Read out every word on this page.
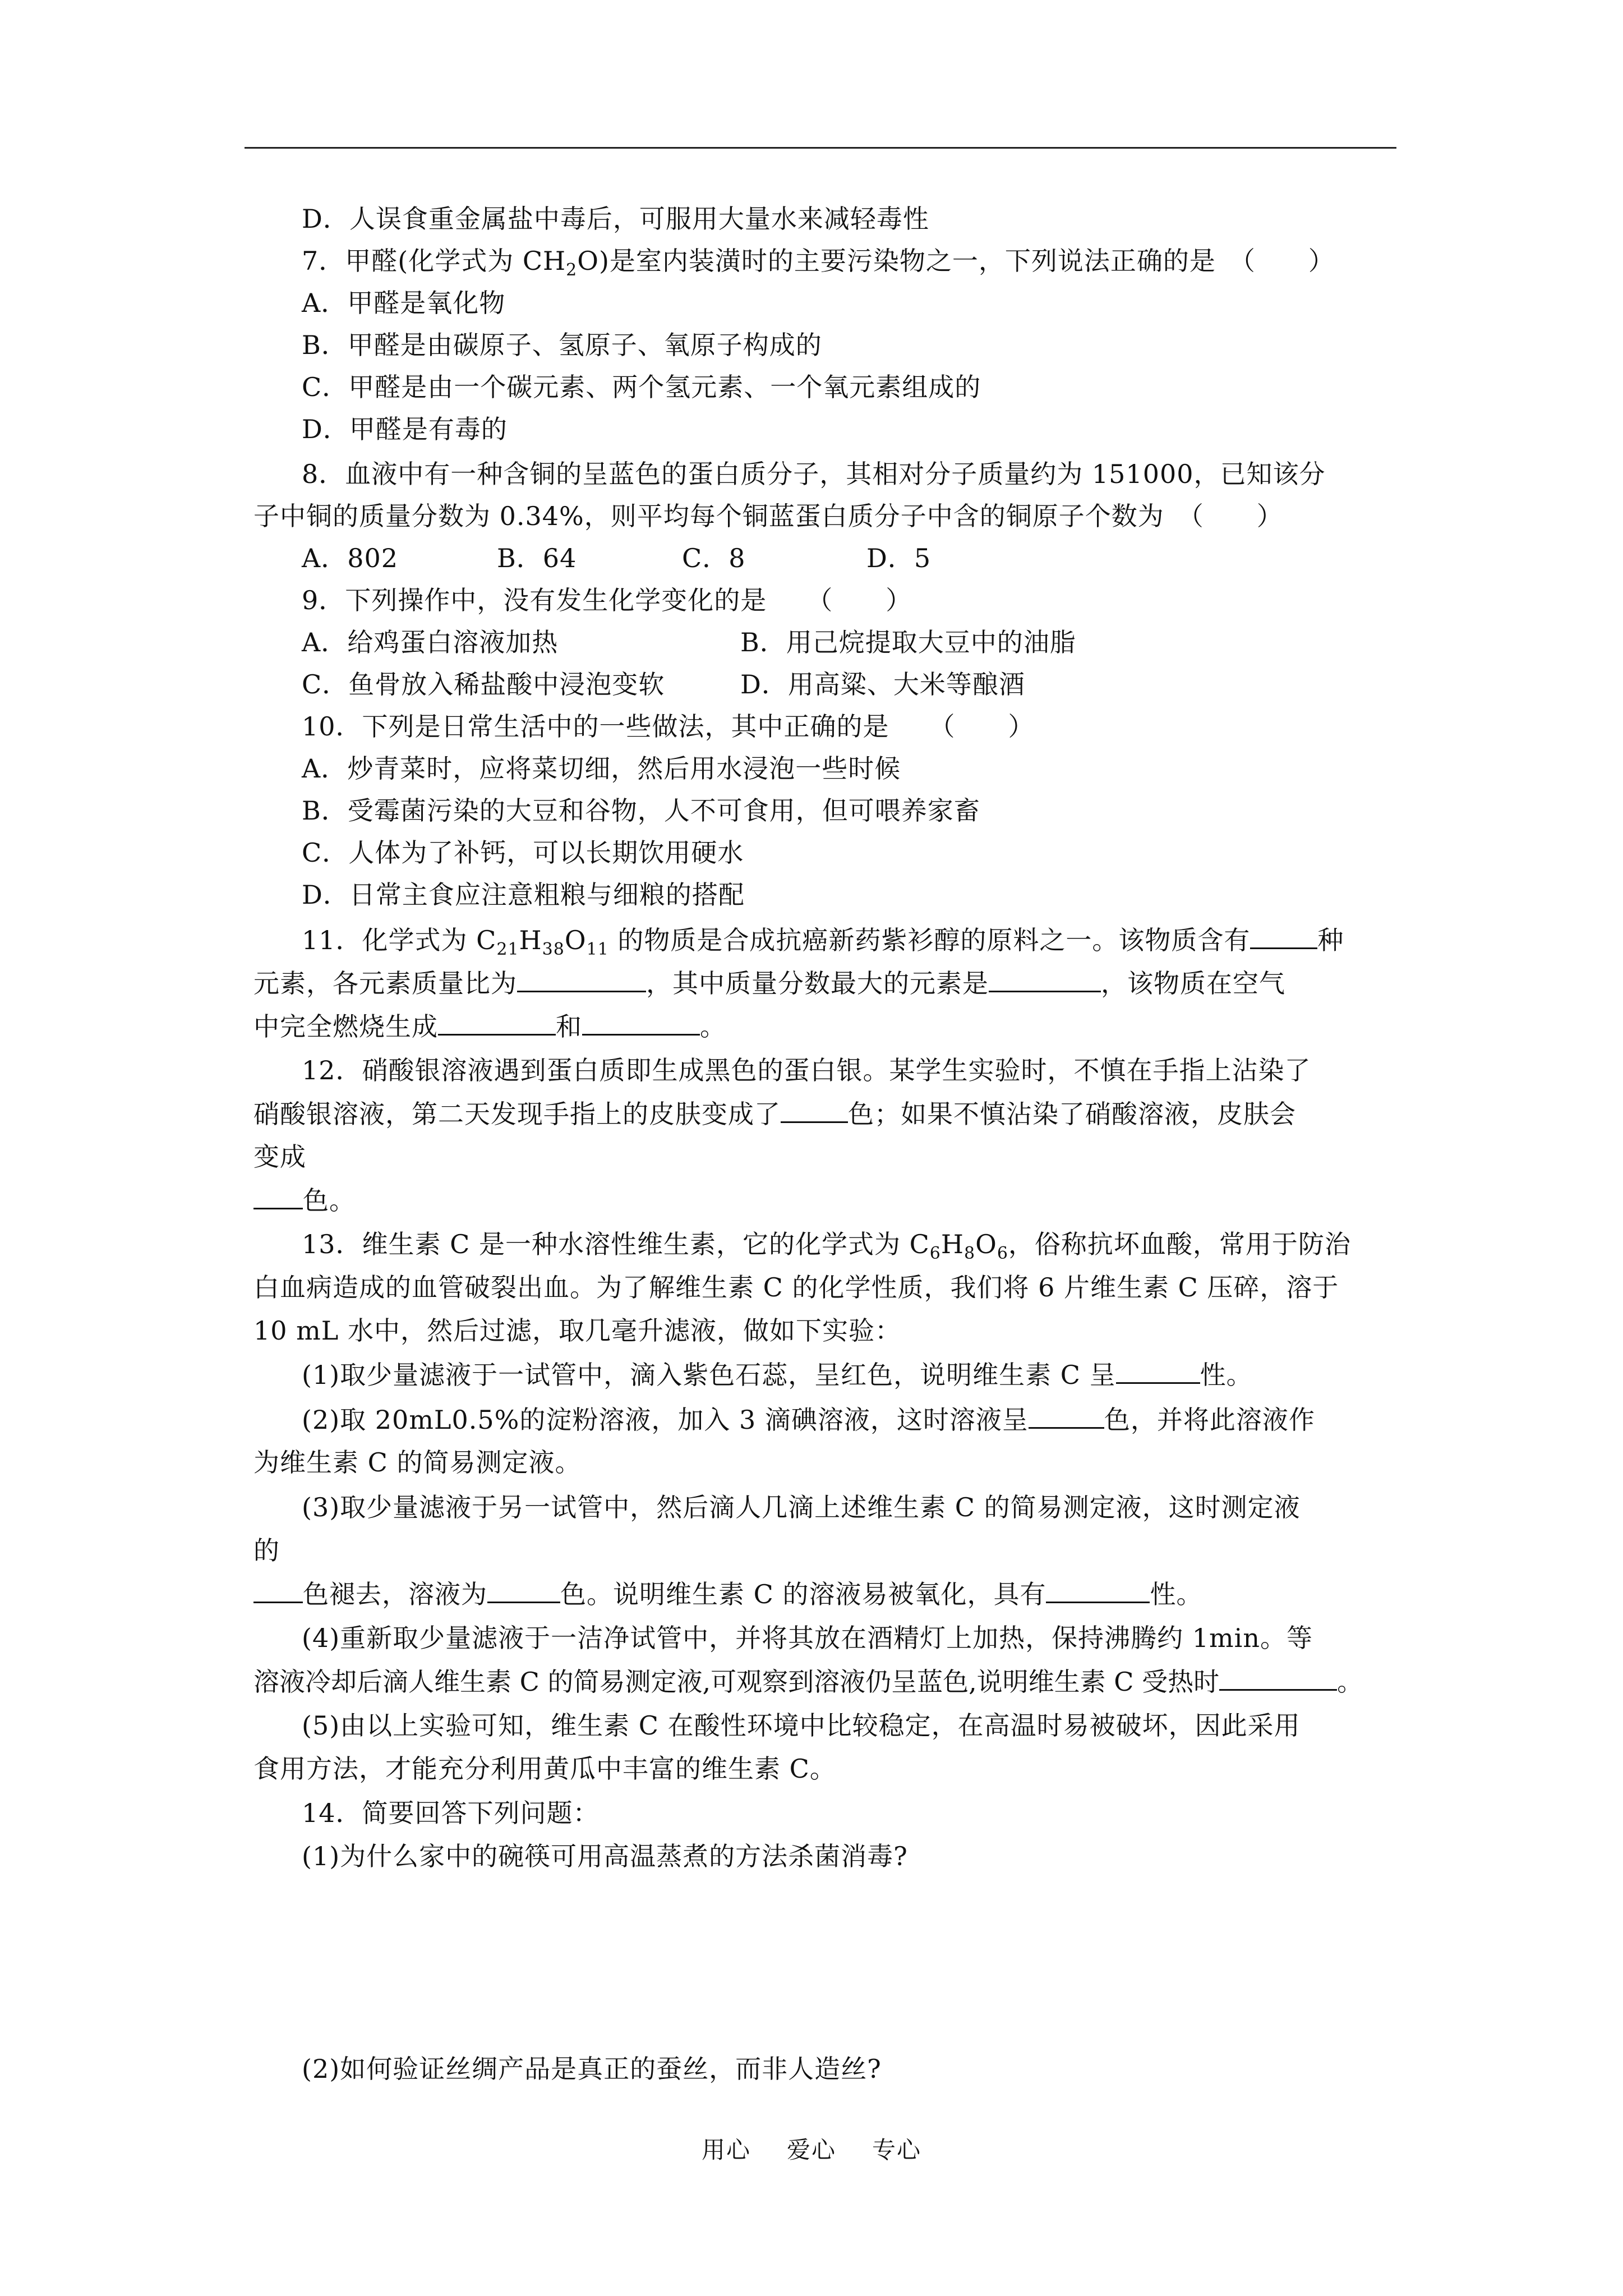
D．人误食重金属盐中毒后，可服用大量水来减轻毒性
7．甲醛(化学式为 $CH_2O$)是室内装潢时的主要污染物之一，下列说法正确的是　（　　）
A．甲醛是氧化物
B．甲醛是由碳原子、氢原子、氧原子构成的
C．甲醛是由一个碳元素、两个氢元素、一个氧元素组成的
D．甲醛是有毒的
8．血液中有一种含铜的呈蓝色的蛋白质分子，其相对分子质量约为 151000，已知该分
子中铜的质量分数为 0.34%，则平均每个铜蓝蛋白质分子中含的铜原子个数为　（　　）
A．802	B．64	C．8	D．5
9．下列操作中，没有发生化学变化的是　　（　　）
A．给鸡蛋白溶液加热	B．用己烷提取大豆中的油脂
C．鱼骨放入稀盐酸中浸泡变软	D．用高粱、大米等酿酒
10．下列是日常生活中的一些做法，其中正确的是　　（　　）
A．炒青菜时，应将菜切细，然后用水浸泡一些时候
B．受霉菌污染的大豆和谷物，人不可食用，但可喂养家畜
C．人体为了补钙，可以长期饮用硬水
D．日常主食应注意粗粮与细粮的搭配
11．化学式为 $C_{21}H_{38}O_{11}$ 的物质是合成抗癌新药紫衫醇的原料之一。该物质含有	种
元素，各元素质量比为	，其中质量分数最大的元素是	，该物质在空气
中完全燃烧生成	和	。
12．硝酸银溶液遇到蛋白质即生成黑色的蛋白银。某学生实验时，不慎在手指上沾染了
硝酸银溶液，第二天发现手指上的皮肤变成了	色；如果不慎沾染了硝酸溶液，皮肤会
变成
色。
13．维生素 C 是一种水溶性维生素，它的化学式为 $C_6H_8O_6$，俗称抗坏血酸，常用于防治
白血病造成的血管破裂出血。为了解维生素 C 的化学性质，我们将 6 片维生素 C 压碎，溶于
10 mL 水中，然后过滤，取几毫升滤液，做如下实验：
(1)取少量滤液于一试管中，滴入紫色石蕊，呈红色，说明维生素 C 呈	性。
(2)取 20mL0.5%的淀粉溶液，加入 3 滴碘溶液，这时溶液呈	色，并将此溶液作
为维生素 C 的简易测定液。
(3)取少量滤液于另一试管中，然后滴人几滴上述维生素 C 的简易测定液，这时测定液
的
色褪去，溶液为	色。说明维生素 C 的溶液易被氧化，具有	性。
(4)重新取少量滤液于一洁净试管中，并将其放在酒精灯上加热，保持沸腾约 1min。等
溶液冷却后滴人维生素 C 的简易测定液,可观察到溶液仍呈蓝色,说明维生素 C 受热时	。
(5)由以上实验可知，维生素 C 在酸性环境中比较稳定，在高温时易被破坏，因此采用
食用方法，才能充分利用黄瓜中丰富的维生素 C。
14．简要回答下列问题：
(1)为什么家中的碗筷可用高温蒸煮的方法杀菌消毒?
(2)如何验证丝绸产品是真正的蚕丝，而非人造丝?
用心 爱心 专心
